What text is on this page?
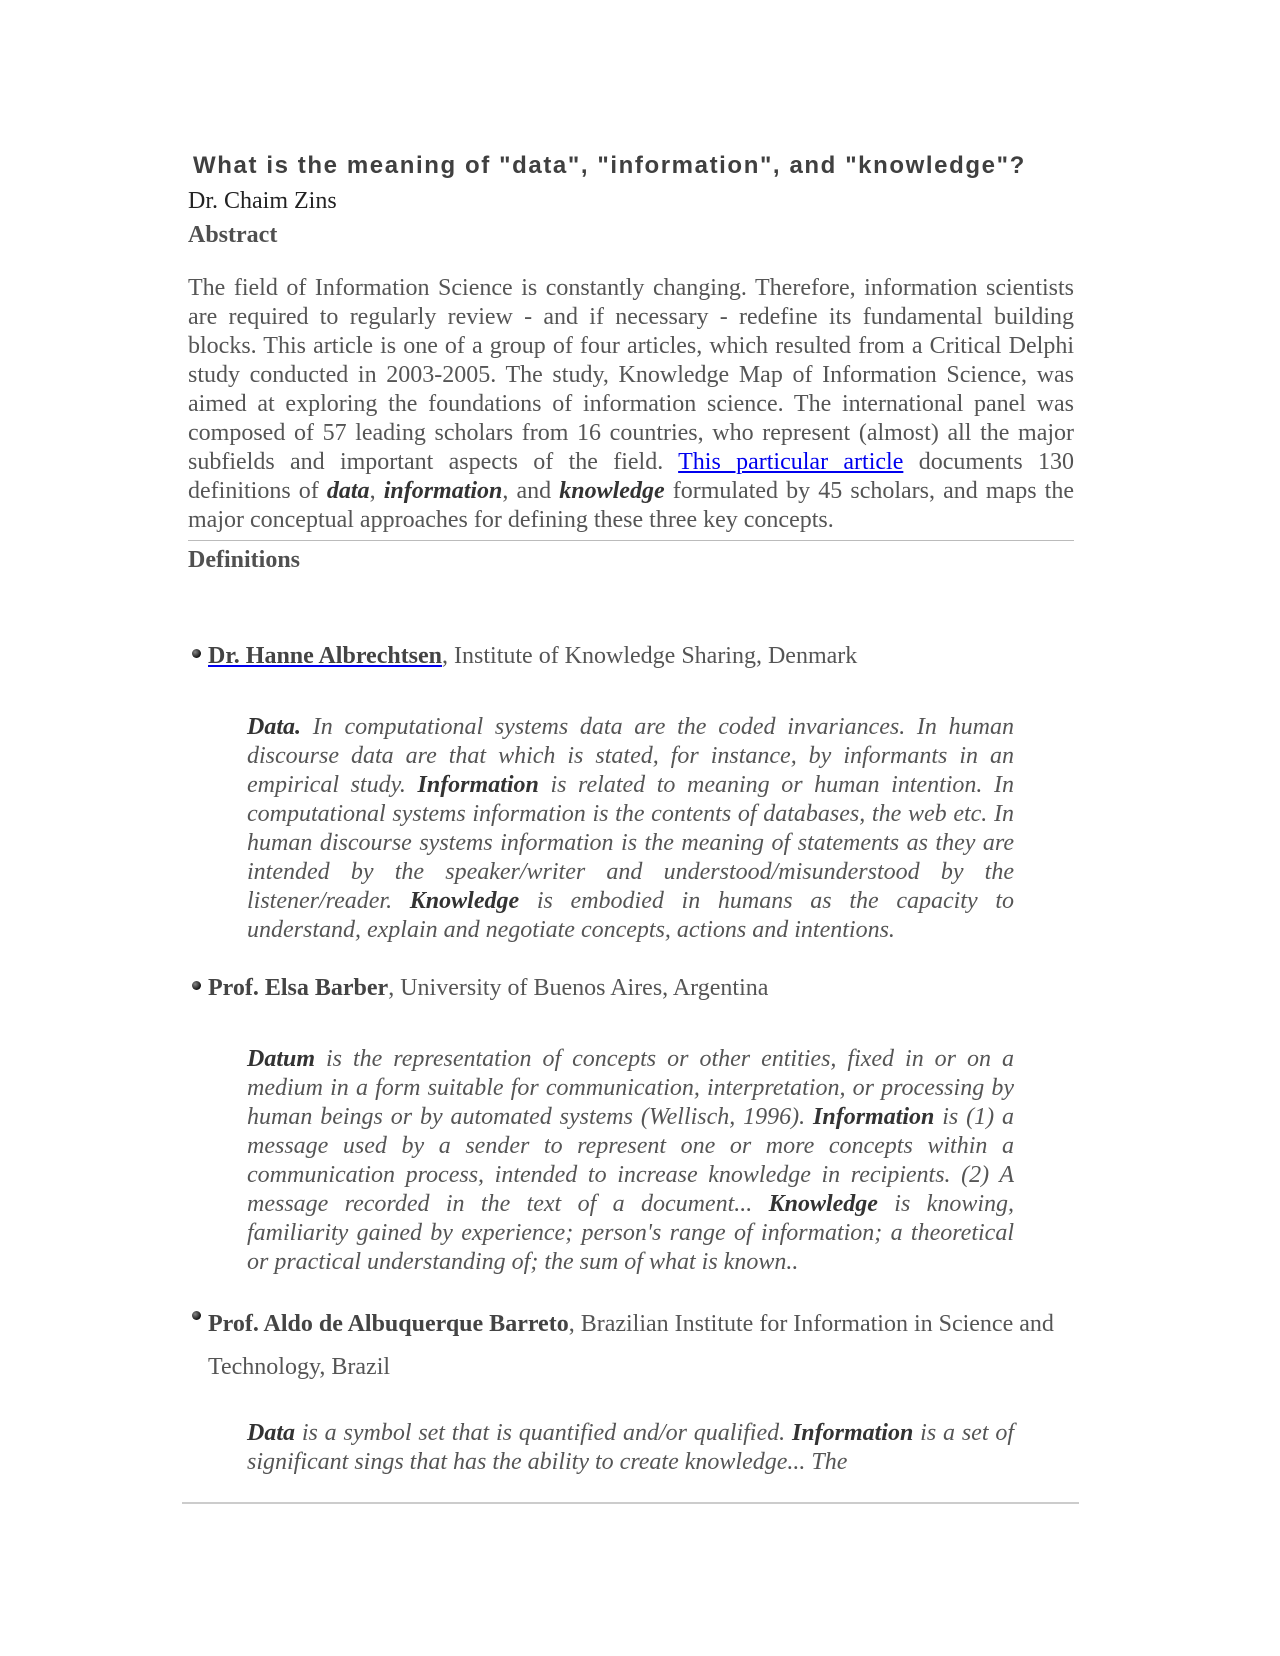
What is the meaning of "data", "information", and "knowledge"?
Dr. Chaim Zins
Abstract
The field of Information Science is constantly changing. Therefore, information scientists are required to regularly review - and if necessary - redefine its fundamental building blocks. This article is one of a group of four articles, which resulted from a Critical Delphi study conducted in 2003-2005. The study, Knowledge Map of Information Science, was aimed at exploring the foundations of information science. The international panel was composed of 57 leading scholars from 16 countries, who represent (almost) all the major subfields and important aspects of the field. This particular article documents 130 definitions of data, information, and knowledge formulated by 45 scholars, and maps the major conceptual approaches for defining these three key concepts.
Definitions
Dr. Hanne Albrechtsen, Institute of Knowledge Sharing, Denmark
Data. In computational systems data are the coded invariances. In human discourse data are that which is stated, for instance, by informants in an empirical study. Information is related to meaning or human intention. In computational systems information is the contents of databases, the web etc. In human discourse systems information is the meaning of statements as they are intended by the speaker/writer and understood/misunderstood by the listener/reader. Knowledge is embodied in humans as the capacity to understand, explain and negotiate concepts, actions and intentions.
Prof. Elsa Barber, University of Buenos Aires, Argentina
Datum is the representation of concepts or other entities, fixed in or on a medium in a form suitable for communication, interpretation, or processing by human beings or by automated systems (Wellisch, 1996). Information is (1) a message used by a sender to represent one or more concepts within a communication process, intended to increase knowledge in recipients. (2) A message recorded in the text of a document... Knowledge is knowing, familiarity gained by experience; person's range of information; a theoretical or practical understanding of; the sum of what is known..
Prof. Aldo de Albuquerque Barreto, Brazilian Institute for Information in Science and Technology, Brazil
Data is a symbol set that is quantified and/or qualified. Information is a set of significant sings that has the ability to create knowledge... The
